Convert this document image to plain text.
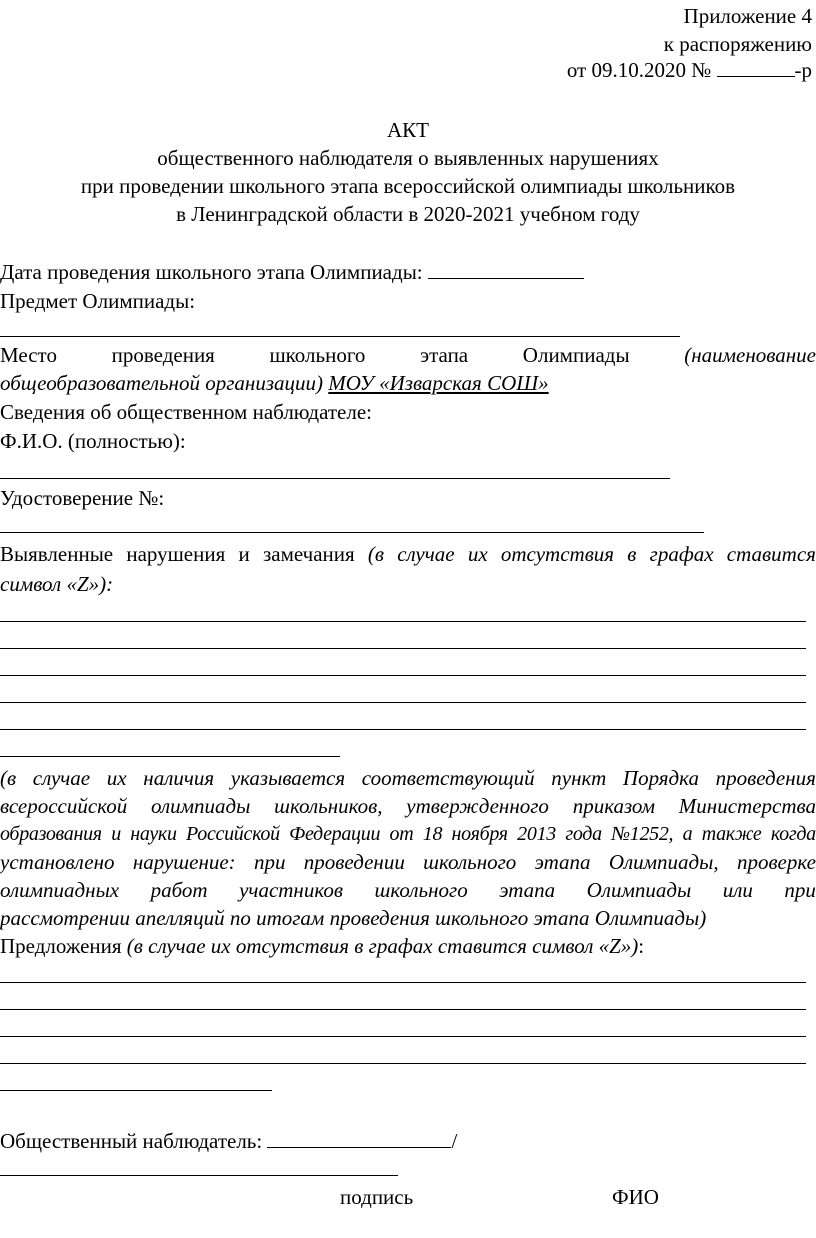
Приложение 4
к распоряжению
от 09.10.2020 №	-р
АКТ
общественного наблюдателя о выявленных нарушениях
при проведении школьного этапа всероссийской олимпиады школьников
в Ленинградской области в 2020-2021 учебном году
Дата проведения школьного этапа Олимпиады:
Предмет Олимпиады:
Место	проведения	школьного	этапа	Олимпиады	(наименование
общеобразовательной организации) МОУ «Изварская СОШ»
Сведения об общественном наблюдателе:
Ф.И.О. (полностью):
Удостоверение №:
Выявленные нарушения и замечания (в случае их отсутствия в графах ставится
символ «Z»):
(в случае их наличия указывается соответствующий пункт Порядка проведения
всероссийской олимпиады школьников, утвержденного приказом Министерства
образования и науки Российской Федерации от 18 ноября 2013 года №1252, а также когда
установлено нарушение: при проведении школьного этапа Олимпиады, проверке
олимпиадных работ участников школьного этапа Олимпиады или при
рассмотрении апелляций по итогам проведения школьного этапа Олимпиады)
Предложения (в случае их отсутствия в графах ставится символ «Z»):
Общественный наблюдатель:	/
подпись	ФИО
